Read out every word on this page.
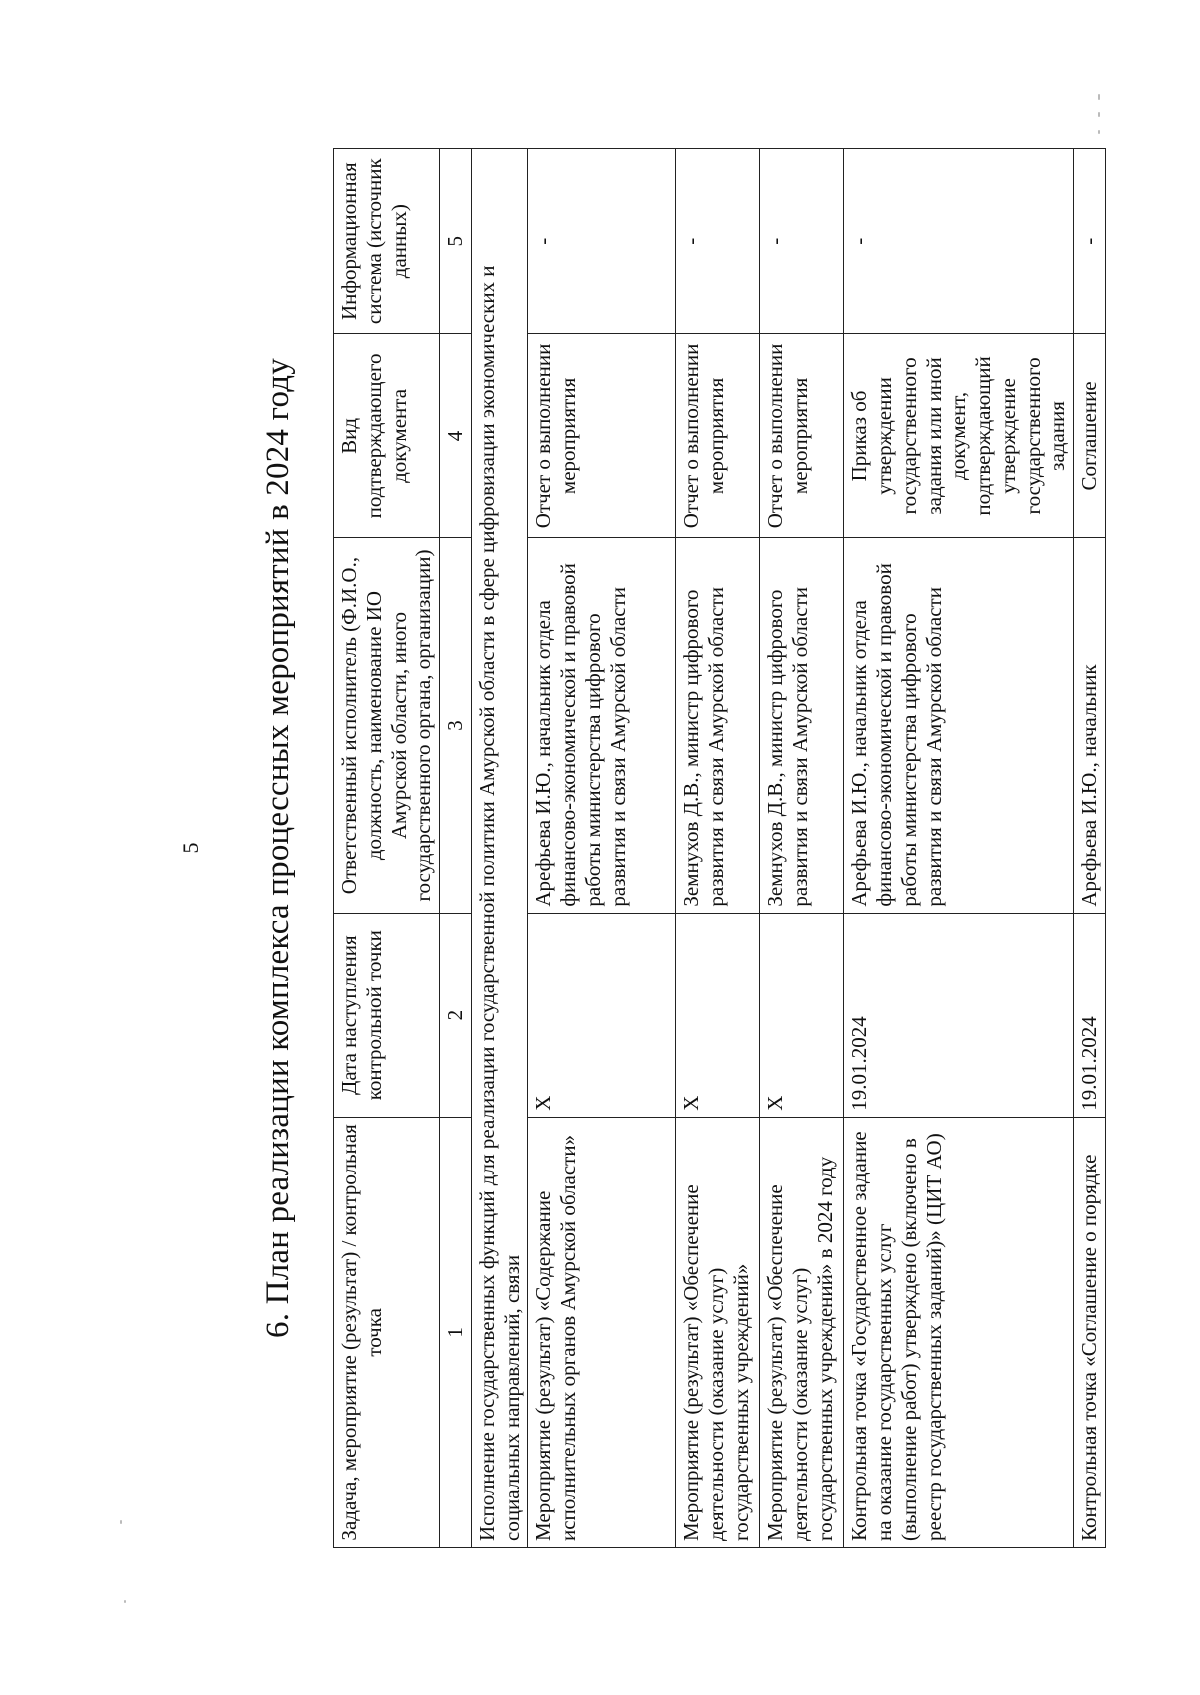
5 6. План реализации комплекса процессных мероприятий в 2024 году Задача, мероприятие (результат) / контрольная точка	Дата наступления контрольной точки	Ответственный исполнитель (Ф.И.О., должность, наименование ИО Амурской области, иного государственного органа, организации)	Вид подтверждающего документа	Информационная система (источник данных)
1	2	3	4	5
Исполнение государственных функций для реализации государственной политики Амурской области в сфере цифровизации экономических и социальных направлений, связи				
Мероприятие (результат) «Содержание исполнительных органов Амурской области»	X	Арефьева И.Ю., начальник отдела финансово-экономической и правовой работы министерства цифрового развития и связи Амурской области	Отчет о выполнении мероприятия	-
Мероприятие (результат) «Обеспечение деятельности (оказание услуг) государственных учреждений»	X	Земнухов Д.В., министр цифрового развития и связи Амурской области	Отчет о выполнении мероприятия	-
Мероприятие (результат) «Обеспечение деятельности (оказание услуг) государственных учреждений» в 2024 году	X	Земнухов Д.В., министр цифрового развития и связи Амурской области	Отчет о выполнении мероприятия	-
Контрольная точка «Государственное задание на оказание государственных услуг (выполнение работ) утверждено (включено в реестр государственных заданий)» (ЦИТ АО)	19.01.2024	Арефьева И.Ю., начальник отдела финансово-экономической и правовой работы министерства цифрового развития и связи Амурской области	Приказ об утверждении государственного задания или иной документ, подтверждающий утверждение государственного задания	-
Контрольная точка «Соглашение о порядке	19.01.2024	Арефьева И.Ю., начальник	Соглашение	-
